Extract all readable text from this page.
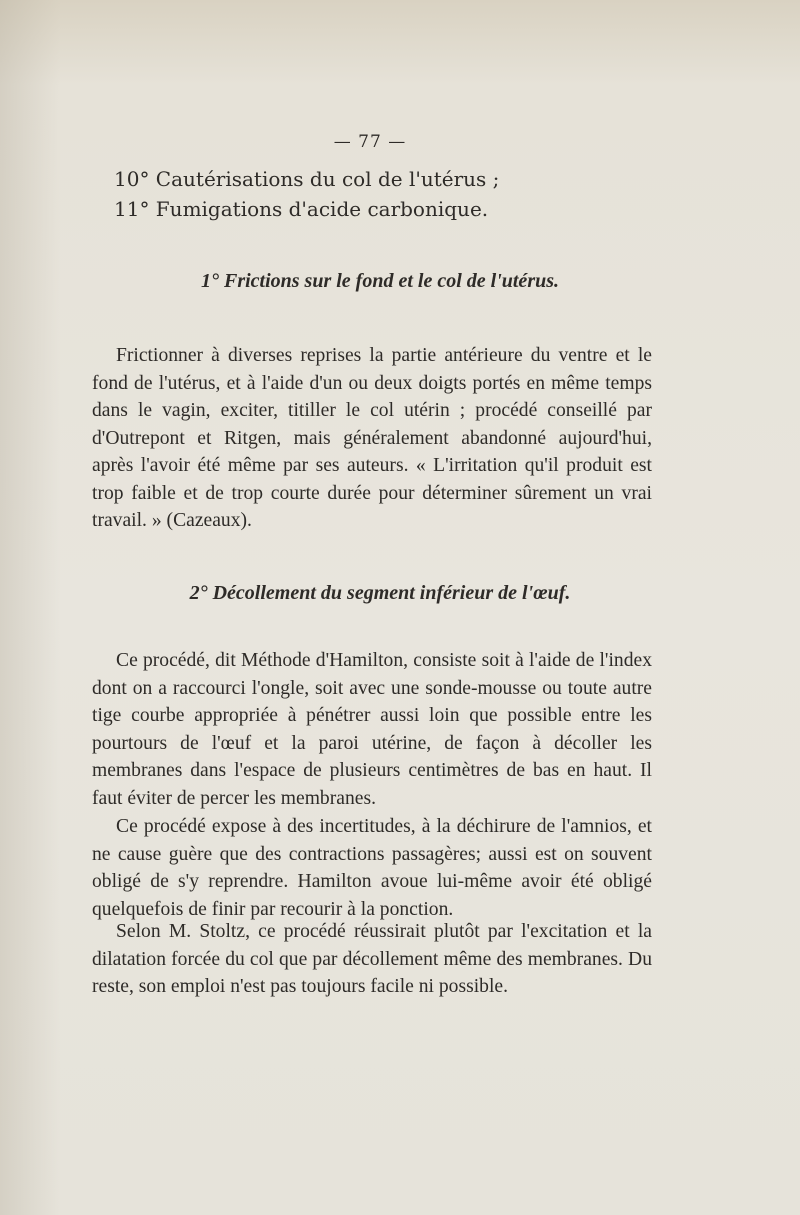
— 77 —
10° Cautérisations du col de l'utérus ;
11° Fumigations d'acide carbonique.
1° Frictions sur le fond et le col de l'utérus.

Frictionner à diverses reprises la partie antérieure du ventre et le fond de l'utérus, et à l'aide d'un ou deux doigts portés en même temps dans le vagin, exciter, titiller le col utérin ; procédé conseillé par d'Outrepont et Ritgen, mais généralement abandonné aujourd'hui, après l'avoir été même par ses auteurs. « L'irritation qu'il produit est trop faible et de trop courte durée pour déterminer sûrement un vrai travail. » (Cazeaux).

2° Décollement du segment inférieur de l'œuf.

Ce procédé, dit Méthode d'Hamilton, consiste soit à l'aide de l'index dont on a raccourci l'ongle, soit avec une sonde-mousse ou toute autre tige courbe appropriée à pénétrer aussi loin que possible entre les pourtours de l'œuf et la paroi utérine, de façon à décoller les membranes dans l'espace de plusieurs centimètres de bas en haut. Il faut éviter de percer les membranes.

Ce procédé expose à des incertitudes, à la déchirure de l'amnios, et ne cause guère que des contractions passagères; aussi est on souvent obligé de s'y reprendre. Hamilton avoue lui-même avoir été obligé quelquefois de finir par recourir à la ponction.

Selon M. Stoltz, ce procédé réussirait plutôt par l'excitation et la dilatation forcée du col que par décollement même des membranes. Du reste, son emploi n'est pas toujours facile ni possible.
